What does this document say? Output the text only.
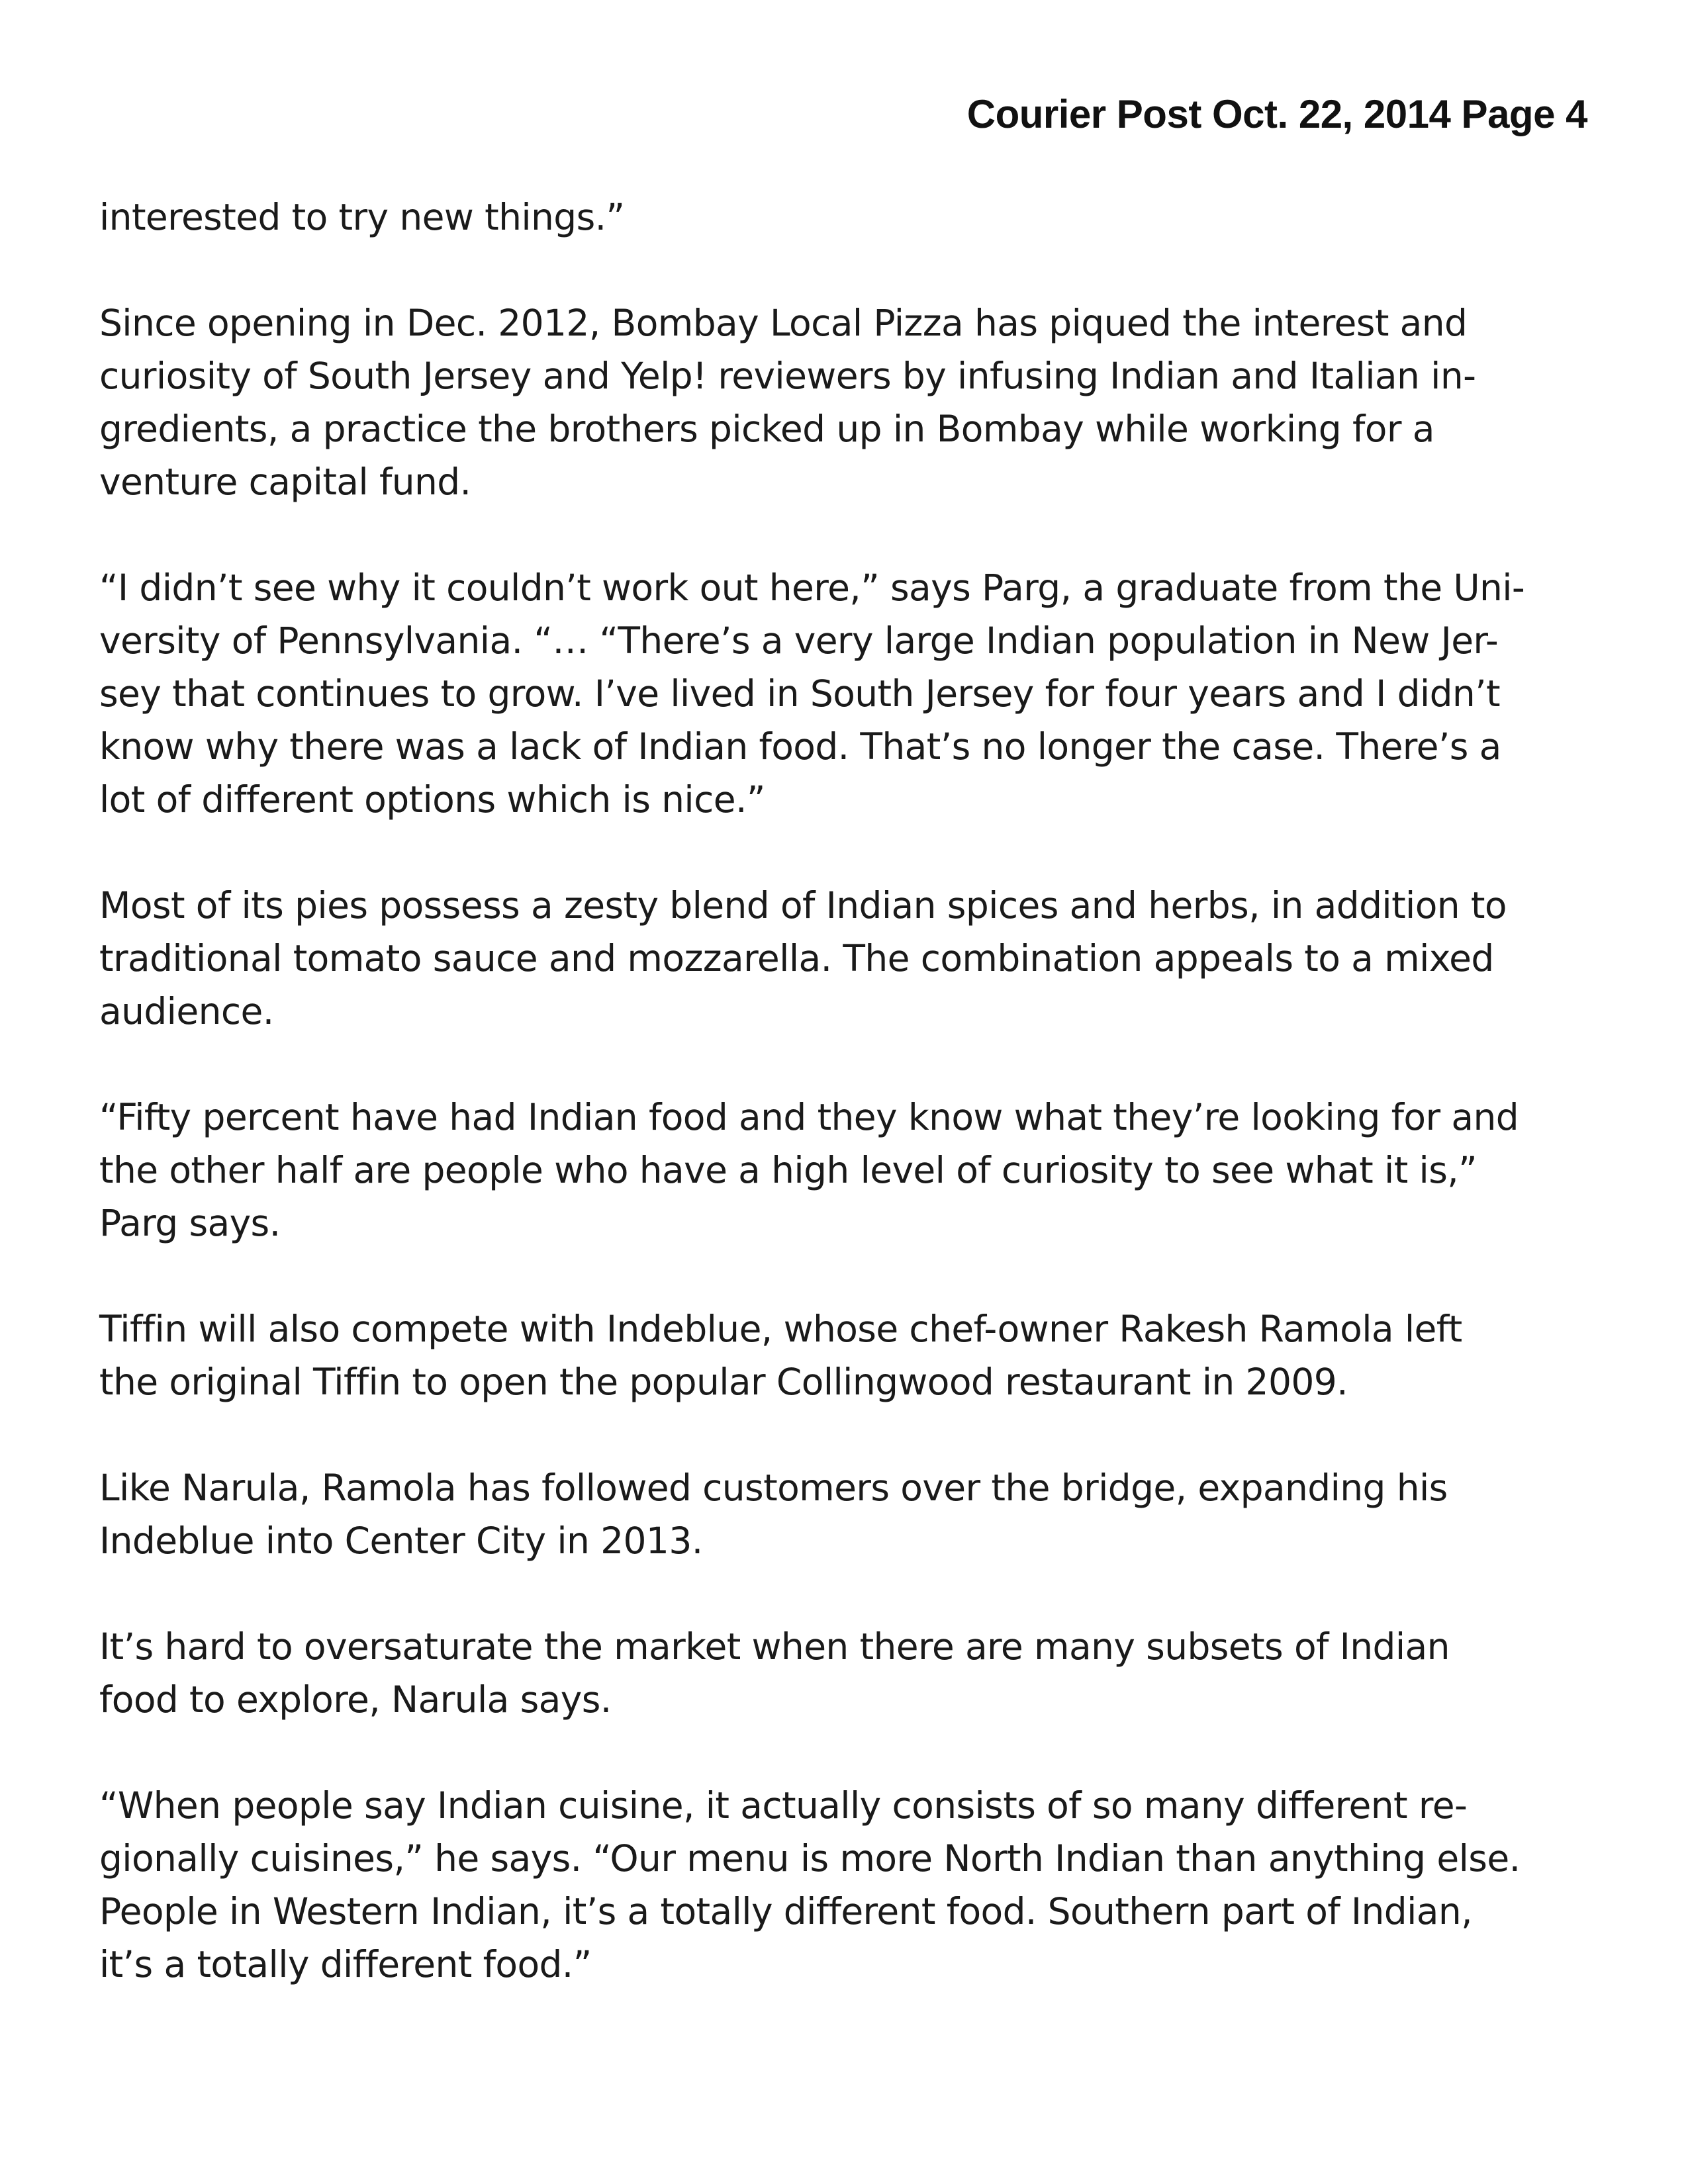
Courier Post Oct. 22, 2014 Page 4
interested to try new things.”
Since opening in Dec. 2012, Bombay Local Pizza has piqued the interest and
curiosity of South Jersey and Yelp! reviewers by infusing Indian and Italian in-
gredients, a practice the brothers picked up in Bombay while working for a
venture capital fund.
“I didn’t see why it couldn’t work out here,” says Parg, a graduate from the Uni-
versity of Pennsylvania. “… “There’s a very large Indian population in New Jer-
sey that continues to grow. I’ve lived in South Jersey for four years and I didn’t
know why there was a lack of Indian food. That’s no longer the case. There’s a
lot of different options which is nice.”
Most of its pies possess a zesty blend of Indian spices and herbs, in addition to
traditional tomato sauce and mozzarella. The combination appeals to a mixed
audience.
“Fifty percent have had Indian food and they know what they’re looking for and
the other half are people who have a high level of curiosity to see what it is,”
Parg says.
Tiffin will also compete with Indeblue, whose chef-owner Rakesh Ramola left
the original Tiffin to open the popular Collingwood restaurant in 2009.
Like Narula, Ramola has followed customers over the bridge, expanding his
Indeblue into Center City in 2013.
It’s hard to oversaturate the market when there are many subsets of Indian
food to explore, Narula says.
“When people say Indian cuisine, it actually consists of so many different re-
gionally cuisines,” he says. “Our menu is more North Indian than anything else.
People in Western Indian, it’s a totally different food. Southern part of Indian,
it’s a totally different food.”
